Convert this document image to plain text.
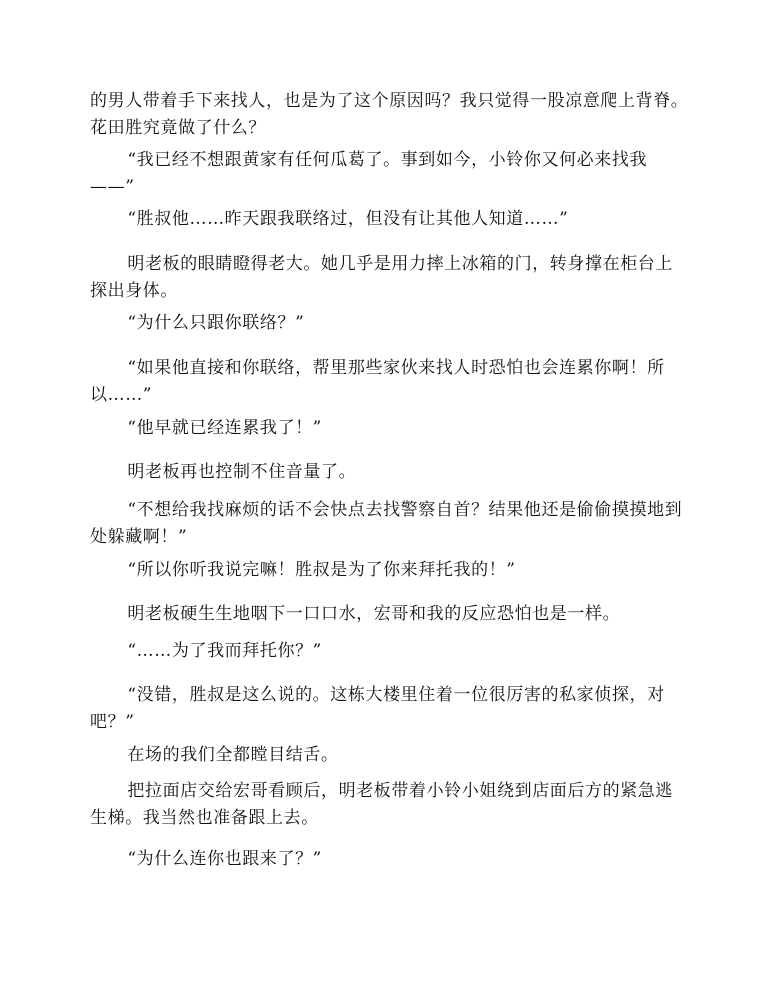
的男人带着手下来找人，也是为了这个原因吗？我只觉得一股凉意爬上背脊。花田胜究竟做了什么？

“我已经不想跟黄家有任何瓜葛了。事到如今，小铃你又何必来找我——”

“胜叔他……昨天跟我联络过，但没有让其他人知道……”

明老板的眼睛瞪得老大。她几乎是用力摔上冰箱的门，转身撑在柜台上探出身体。

“为什么只跟你联络？”

“如果他直接和你联络，帮里那些家伙来找人时恐怕也会连累你啊！所以……”

“他早就已经连累我了！”

明老板再也控制不住音量了。

“不想给我找麻烦的话不会快点去找警察自首？结果他还是偷偷摸摸地到处躲藏啊！”

“所以你听我说完嘛！胜叔是为了你来拜托我的！”

明老板硬生生地咽下一口口水，宏哥和我的反应恐怕也是一样。

“……为了我而拜托你？”

“没错，胜叔是这么说的。这栋大楼里住着一位很厉害的私家侦探，对吧？”

在场的我们全都瞠目结舌。

把拉面店交给宏哥看顾后，明老板带着小铃小姐绕到店面后方的紧急逃生梯。我当然也准备跟上去。

“为什么连你也跟来了？”
